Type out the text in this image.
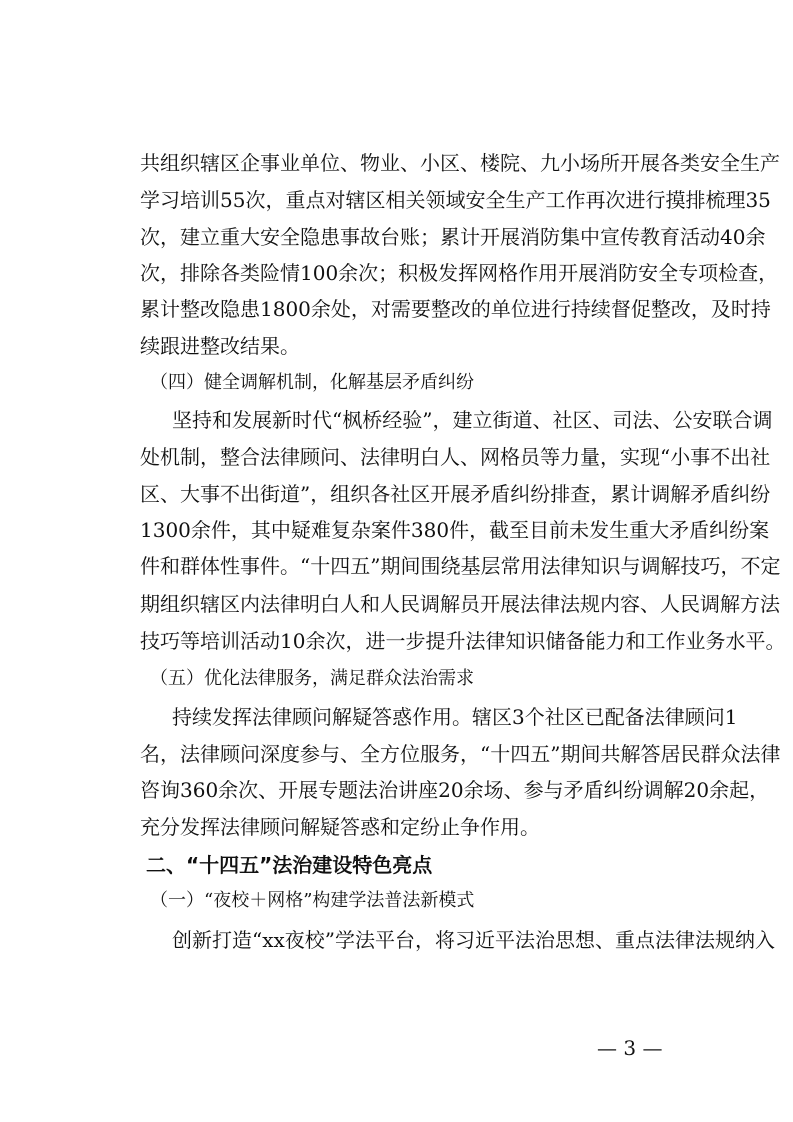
共组织辖区企事业单位、物业、小区、楼院、九小场所开展各类安全生产
学习培训55次，重点对辖区相关领域安全生产工作再次进行摸排梳理35
次，建立重大安全隐患事故台账；累计开展消防集中宣传教育活动40余
次，排除各类险情100余次；积极发挥网格作用开展消防安全专项检查，
累计整改隐患1800余处，对需要整改的单位进行持续督促整改，及时持
续跟进整改结果。
（四）健全调解机制，化解基层矛盾纠纷
坚持和发展新时代“枫桥经验”，建立街道、社区、司法、公安联合调
处机制，整合法律顾问、法律明白人、网格员等力量，实现“小事不出社
区、大事不出街道”，组织各社区开展矛盾纠纷排查，累计调解矛盾纠纷
1300余件，其中疑难复杂案件380件，截至目前未发生重大矛盾纠纷案
件和群体性事件。“十四五”期间围绕基层常用法律知识与调解技巧，不定
期组织辖区内法律明白人和人民调解员开展法律法规内容、人民调解方法
技巧等培训活动10余次，进一步提升法律知识储备能力和工作业务水平。
（五）优化法律服务，满足群众法治需求
持续发挥法律顾问解疑答惑作用。辖区3个社区已配备法律顾问1
名，法律顾问深度参与、全方位服务，“十四五”期间共解答居民群众法律
咨询360余次、开展专题法治讲座20余场、参与矛盾纠纷调解20余起，
充分发挥法律顾问解疑答惑和定纷止争作用。
二、“十四五”法治建设特色亮点
（一）“夜校＋网格”构建学法普法新模式
创新打造“xx夜校”学法平台，将习近平法治思想、重点法律法规纳入
— 3 —
